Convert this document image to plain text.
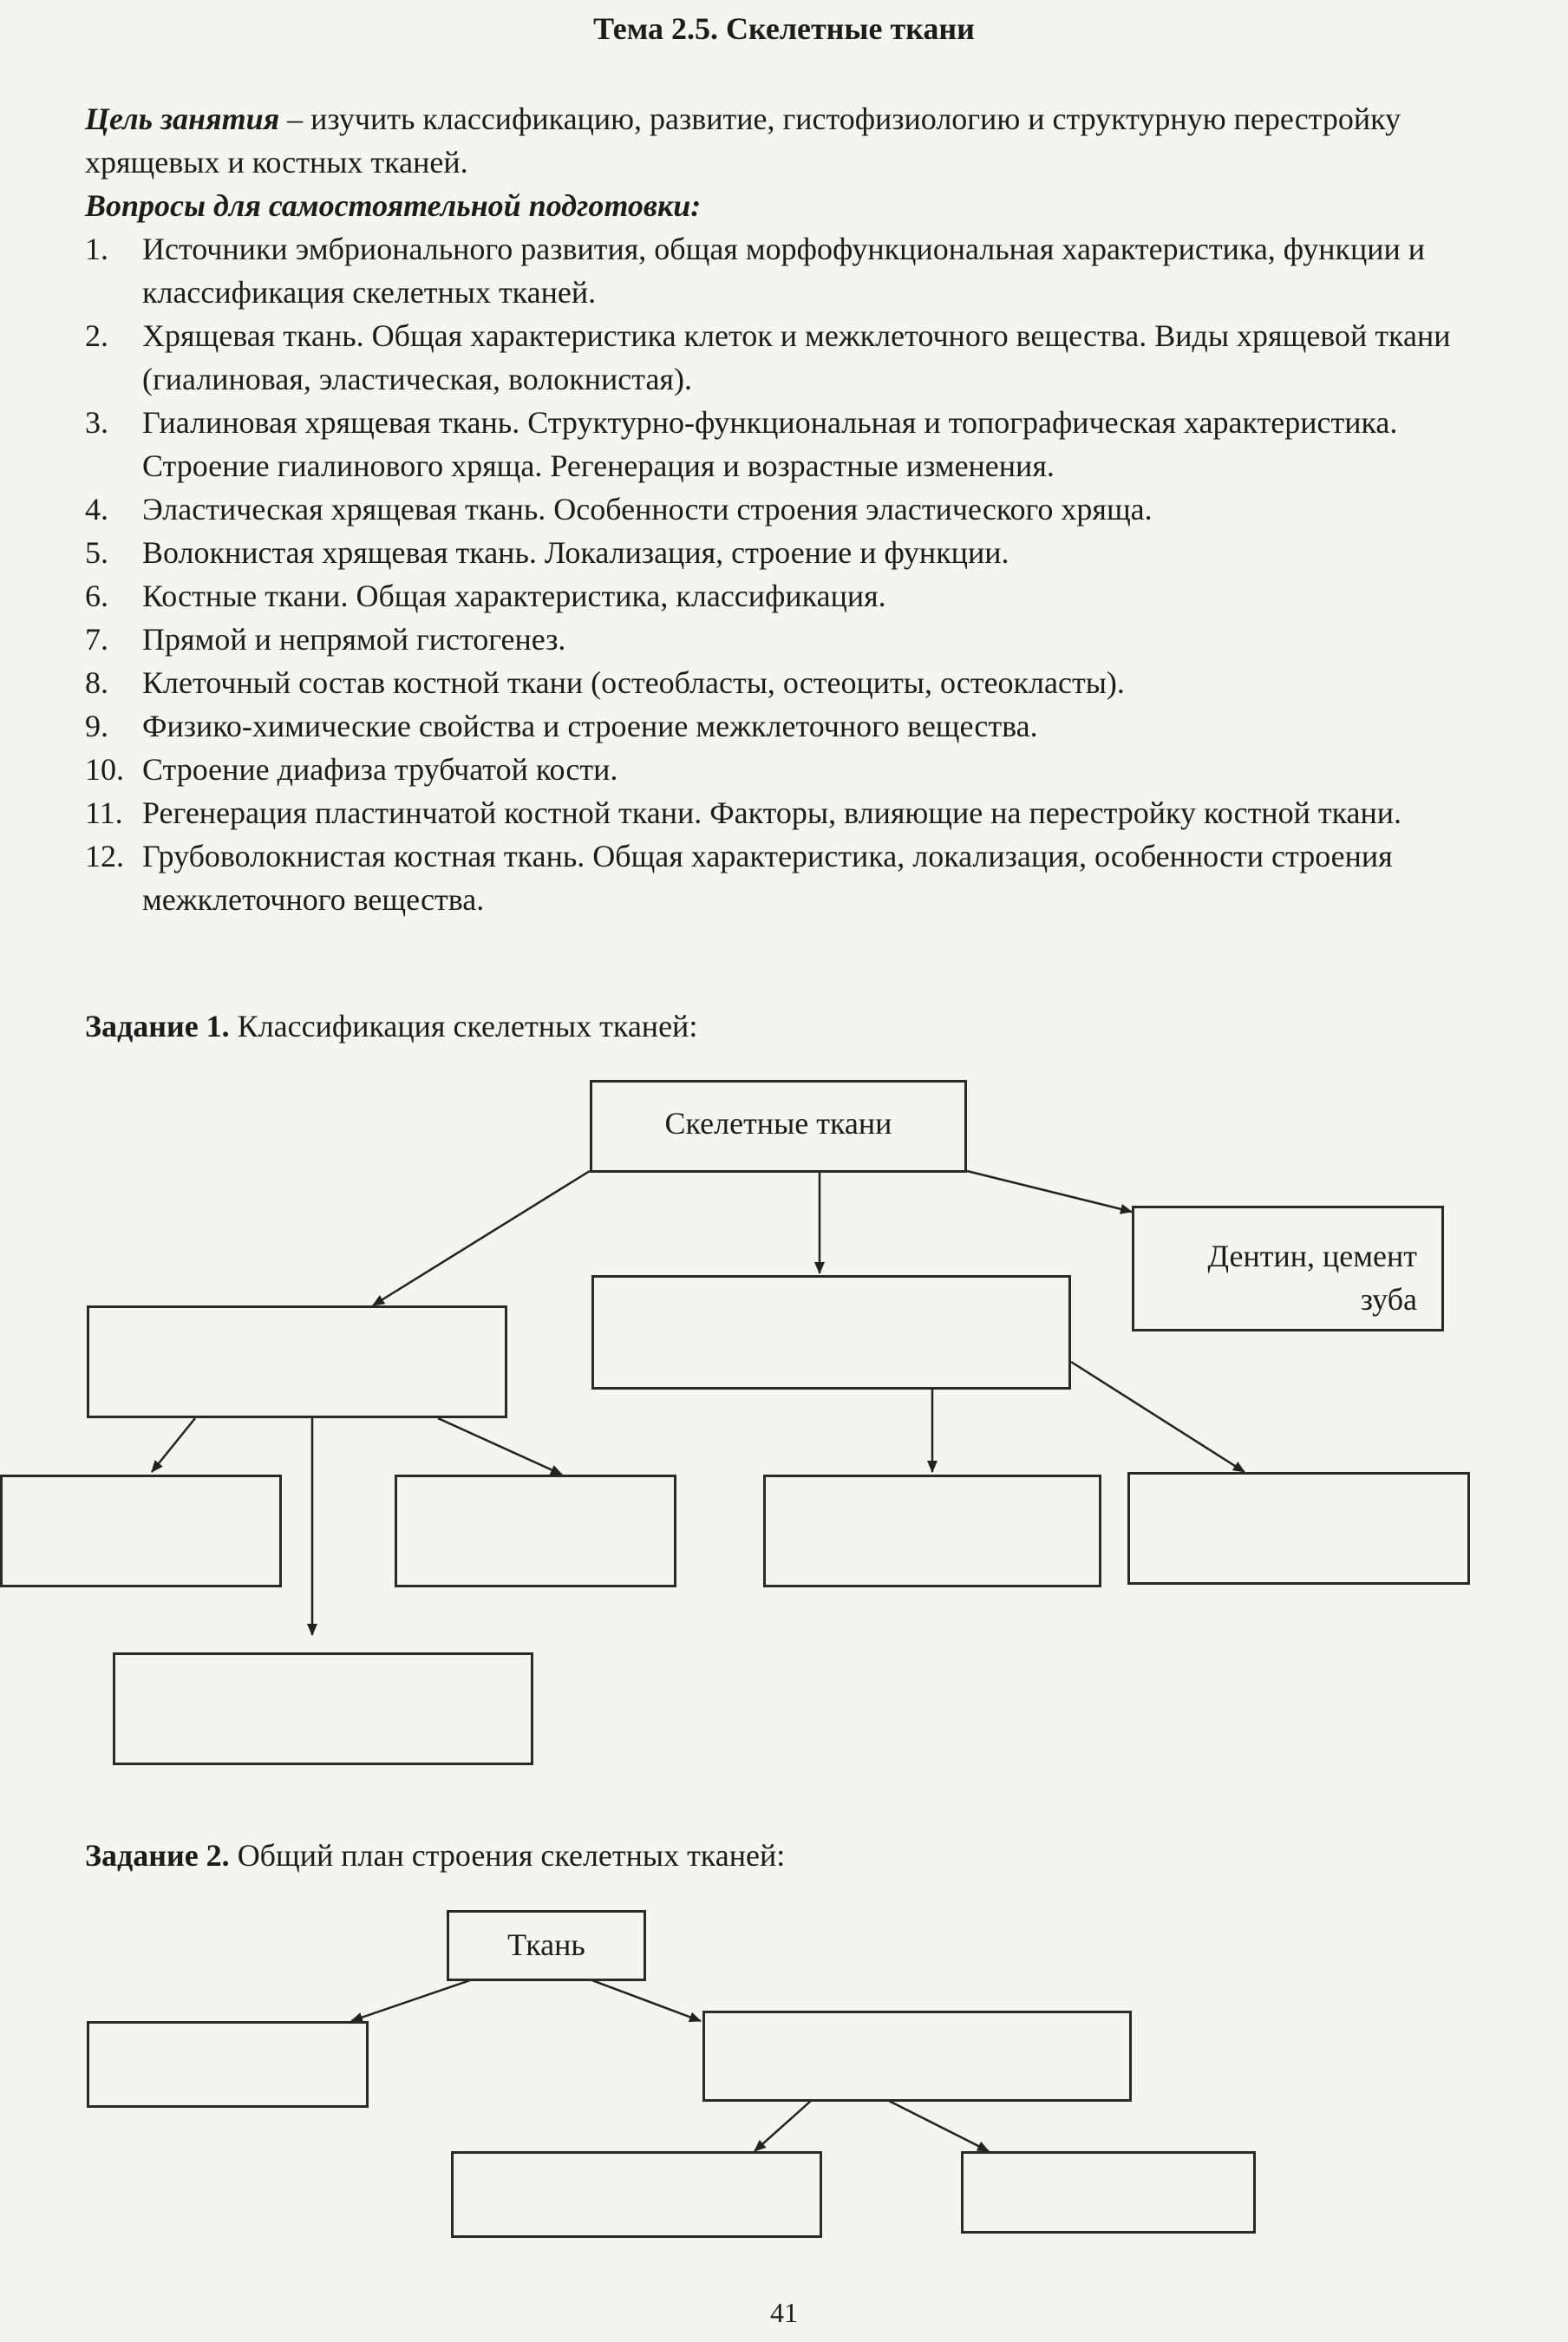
Тема 2.5. Скелетные ткани
Цель занятия – изучить классификацию, развитие, гистофизиологию и структурную перестройку хрящевых и костных тканей.
Вопросы для самостоятельной подготовки:
1. Источники эмбрионального развития, общая морфофункциональная характеристика, функции и классификация скелетных тканей.
2. Хрящевая ткань. Общая характеристика клеток и межклеточного вещества. Виды хрящевой ткани (гиалиновая, эластическая, волокнистая).
3. Гиалиновая хрящевая ткань. Структурно-функциональная и топографическая характеристика. Строение гиалинового хряща. Регенерация и возрастные изменения.
4. Эластическая хрящевая ткань. Особенности строения эластического хряща.
5. Волокнистая хрящевая ткань. Локализация, строение и функции.
6. Костные ткани. Общая характеристика, классификация.
7. Прямой и непрямой гистогенез.
8. Клеточный состав костной ткани (остеобласты, остеоциты, остеокласты).
9. Физико-химические свойства и строение межклеточного вещества.
10. Строение диафиза трубчатой кости.
11. Регенерация пластинчатой костной ткани. Факторы, влияющие на перестройку костной ткани.
12. Грубоволокнистая костная ткань. Общая характеристика, локализация, особенности строения межклеточного вещества.
Задание 1. Классификация скелетных тканей:
Скелетные ткани
Дентин, цемент зуба
Задание 2. Общий план строения скелетных тканей:
Ткань
41
